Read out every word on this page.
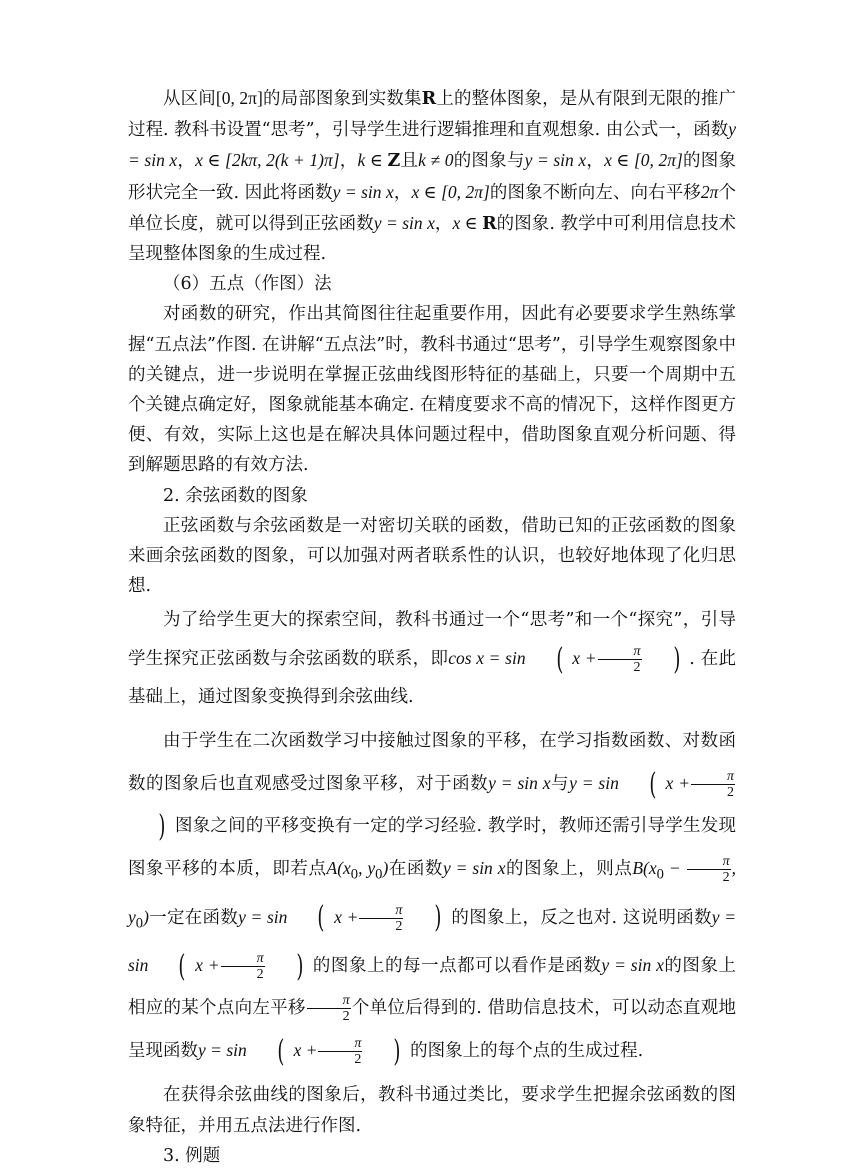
从区间[0, 2π]的局部图象到实数集R上的整体图象，是从有限到无限的推广过程. 教科书设置“思考”，引导学生进行逻辑推理和直观想象. 由公式一，函数y = sin x，x ∈ [2kπ, 2(k + 1)π]，k ∈ Z且k ≠ 0的图象与y = sin x，x ∈ [0, 2π]的图象形状完全一致. 因此将函数y = sin x，x ∈ [0, 2π]的图象不断向左、向右平移2π个单位长度，就可以得到正弦函数y = sin x，x ∈ R的图象. 教学中可利用信息技术呈现整体图象的生成过程.

（6）五点（作图）法

对函数的研究，作出其简图往往起重要作用，因此有必要要求学生熟练掌握“五点法”作图. 在讲解“五点法”时，教科书通过“思考”，引导学生观察图象中的关键点，进一步说明在掌握正弦曲线图形特征的基础上，只要一个周期中五个关键点确定好，图象就能基本确定. 在精度要求不高的情况下，这样作图更方便、有效，实际上这也是在解决具体问题过程中，借助图象直观分析问题、得到解题思路的有效方法.

2. 余弦函数的图象

正弦函数与余弦函数是一对密切关联的函数，借助已知的正弦函数的图象来画余弦函数的图象，可以加强对两者联系性的认识，也较好地体现了化归思想.

为了给学生更大的探索空间，教科书通过一个“思考”和一个“探究”，引导学生探究正弦函数与余弦函数的联系，即cos x = sin ( $x + \frac{\pi}{2}$ ) . 在此基础上，通过图象变换得到余弦曲线.

由于学生在二次函数学习中接触过图象的平移，在学习指数函数、对数函数的图象后也直观感受过图象平移，对于函数y = sin x与y = sin ( $x + \frac{\pi}{2}$
) 图象之间的平移变换有一定的学习经验. 教学时，教师还需引导学生发现图象平移的本质，即若点$A(x_0$, $y_0$)在函数y = sin x的图象上，则点$B(x_0 - \frac{\pi}{2}$ , $y_0$)一定在函数y = sin ( $x + \frac{\pi}{2}$ ) 的图象上，反之也对. 这说明函数y = sin ( $x + \frac{\pi}{2}$ ) 的图象上的每一点都可以看作是函数y = sin x的图象上相应的某个点向左平移 $\frac{\pi}{2}$ 个单位后得到的. 借助信息技术，可以动态直观地呈现函数y = sin ( $x + \frac{\pi}{2}$ ) 的图象上的每个点的生成过程.

在获得余弦曲线的图象后，教科书通过类比，要求学生把握余弦函数的图象特征，并用五点法进行作图.

3. 例题
